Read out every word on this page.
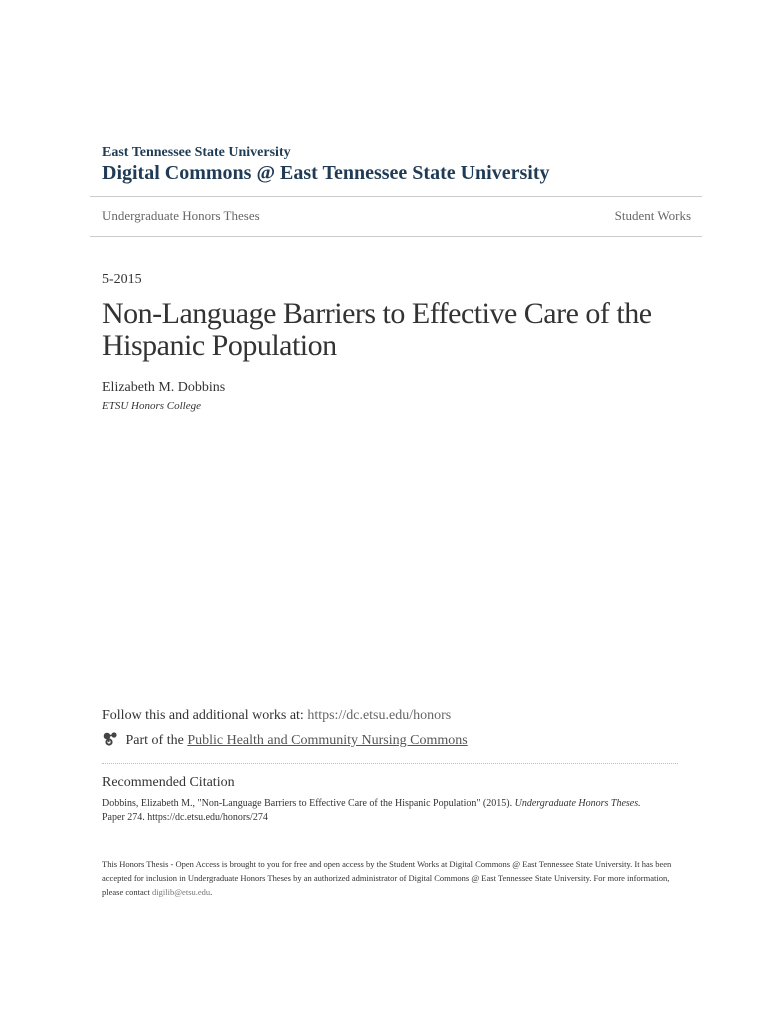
East Tennessee State University
Digital Commons @ East Tennessee State University
Undergraduate Honors Theses	Student Works
5-2015
Non-Language Barriers to Effective Care of the Hispanic Population
Elizabeth M. Dobbins
ETSU Honors College
Follow this and additional works at: https://dc.etsu.edu/honors
Part of the Public Health and Community Nursing Commons
Recommended Citation
Dobbins, Elizabeth M., "Non-Language Barriers to Effective Care of the Hispanic Population" (2015). Undergraduate Honors Theses.
Paper 274. https://dc.etsu.edu/honors/274
This Honors Thesis - Open Access is brought to you for free and open access by the Student Works at Digital Commons @ East Tennessee State University. It has been accepted for inclusion in Undergraduate Honors Theses by an authorized administrator of Digital Commons @ East Tennessee State University. For more information, please contact digilib@etsu.edu.
